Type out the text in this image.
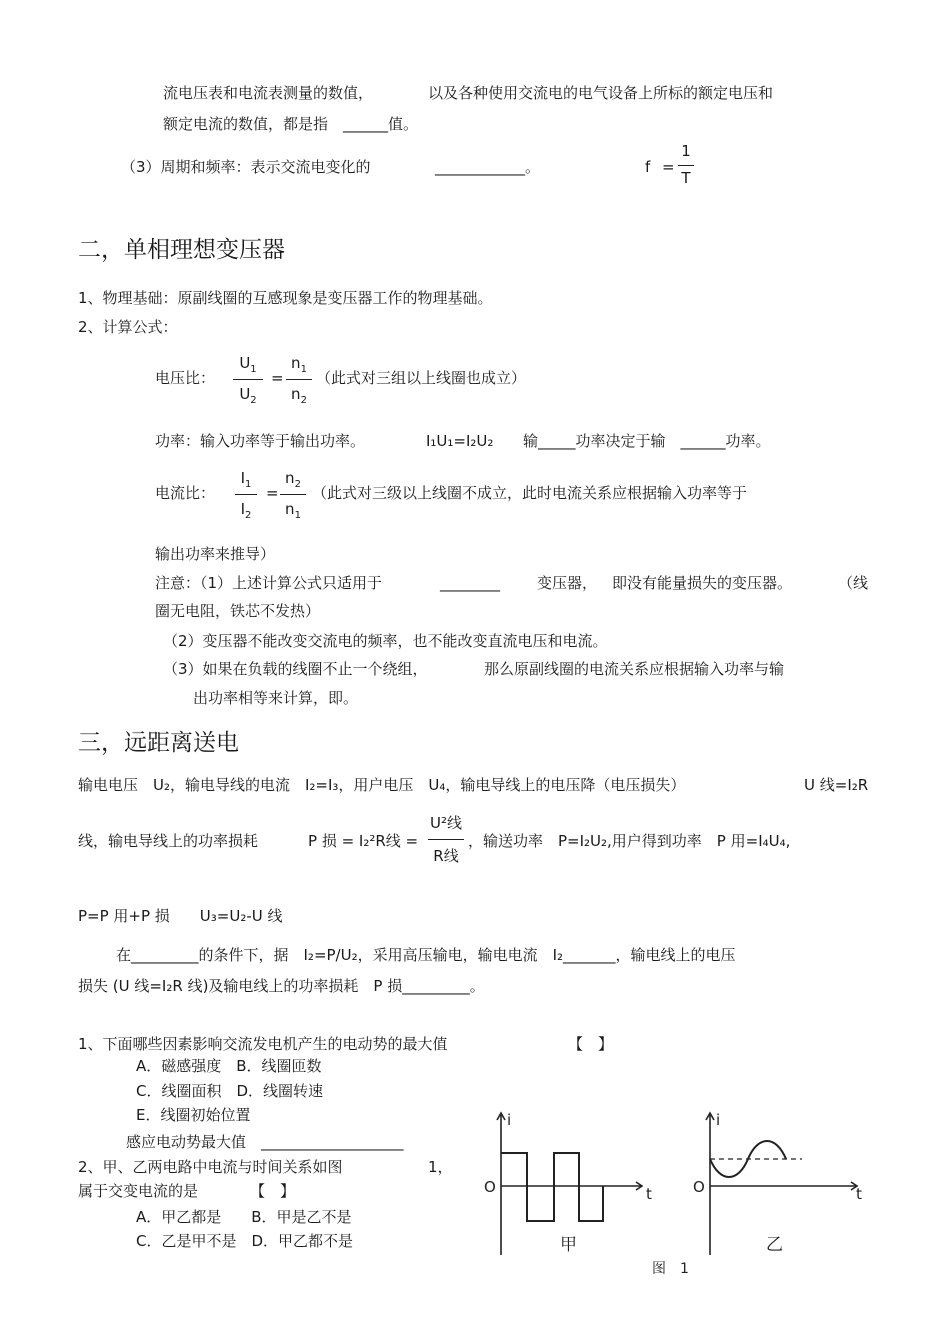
流电压表和电流表测量的数值，	以及各种使用交流电的电气设备上所标的额定电压和
额定电流的数值，都是指　______值。
（3）周期和频率：表示交流电变化的	____________。	f =
1
T
二，单相理想变压器
1、物理基础：原副线圈的互感现象是变压器工作的物理基础。
2、计算公式：
电压比：
$U_1$
$U_2$
=
$n_1$
$n_2$
（此式对三组以上线圈也成立）
功率：输入功率等于输出功率。	I₁U₁=I₂U₂ 输_____功率决定于输　______功率。
电流比：
$I_1$
$I_2$
=
$n_2$
$n_1$
（此式对三级以上线圈不成立，此时电流关系应根据输入功率等于
输出功率来推导）
注意：（1）上述计算公式只适用于	________ 变压器， 即没有能量损失的变压器。	（线
圈无电阻，铁芯不发热）
（2）变压器不能改变交流电的频率，也不能改变直流电压和电流。
（3）如果在负载的线圈不止一个绕组，	那么原副线圈的电流关系应根据输入功率与输
出功率相等来计算，即。
三，远距离送电
输电电压　U₂，输电导线的电流　I₂=I₃，用户电压　U₄，输电导线上的电压降（电压损失）	U 线=I₂R
线，输电导线上的功率损耗	P 损 = I₂²R线 =
U²线
R线
，输送功率　P=I₂U₂,用户得到功率　P 用=I₄U₄,
P=P 用+P 损　　U₃=U₂-U 线
在_________的条件下，据　I₂=P/U₂，采用高压输电，输电电流　I₂_______，输电线上的电压
损失 (U 线=I₂R 线)及输电线上的功率损耗　P 损_________。
1、下面哪些因素影响交流发电机产生的电动势的最大值	【　】
A．磁感强度　B．线圈匝数
C．线圈面积　D．线圈转速
E．线圈初始位置
感应电动势最大值　___________________
2、甲、乙两电路中电流与时间关系如图	1，
属于交变电流的是	【　】
A．甲乙都是　　B．甲是乙不是
C．乙是甲不是　D．甲乙都不是
i
O	t
甲
i
O	t
乙
图　1
